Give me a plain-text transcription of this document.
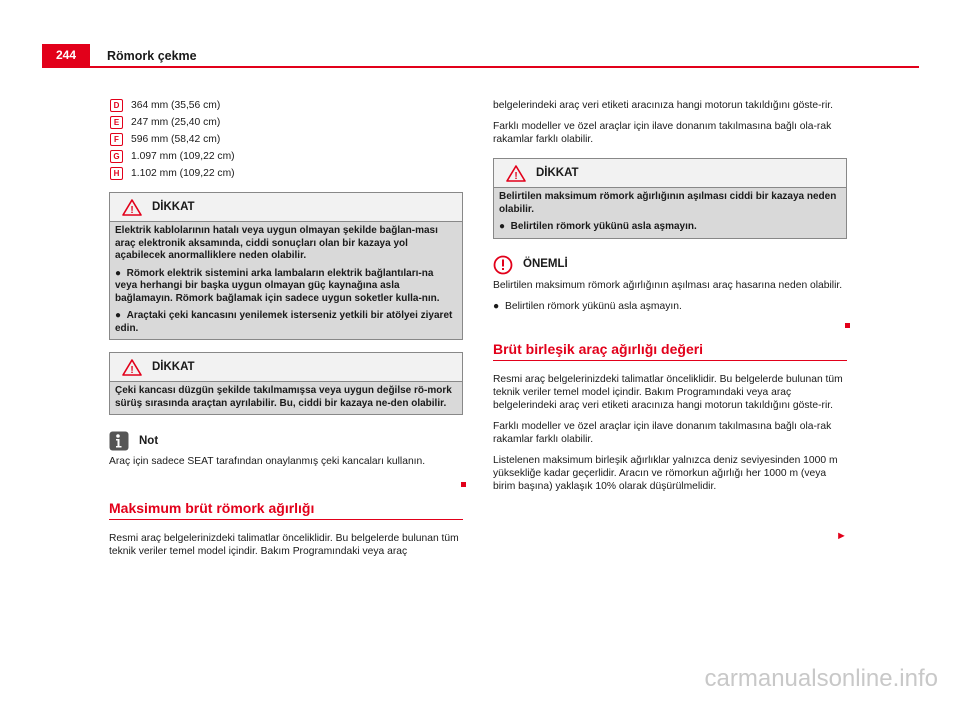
244	Römork çekme
D	364 mm (35,56 cm)
E	247 mm (25,40 cm)
F	596 mm (58,42 cm)
G	1.097 mm (109,22 cm)
H	1.102 mm (109,22 cm)
! DİKKAT

Elektrik kablolarının hatalı veya uygun olmayan şekilde bağlan-ması araç elektronik aksamında, ciddi sonuçları olan bir kazaya yol açabilecek anormalliklere neden olabilir.

● Römork elektrik sistemini arka lambaların elektrik bağlantıları-na veya herhangi bir başka uygun olmayan güç kaynağına asla bağlamayın. Römork bağlamak için sadece uygun soketler kulla-nın.

● Araçtaki çeki kancasını yenilemek isterseniz yetkili bir atölyei ziyaret edin.

! DİKKAT

Çeki kancası düzgün şekilde takılmamışsa veya uygun değilse rö-mork sürüş sırasında araçtan ayrılabilir. Bu, ciddi bir kazaya ne-den olabilir.

Not

Araç için sadece SEAT tarafından onaylanmış çeki kancaları kullanın.

Maksimum brüt römork ağırlığı

Resmi araç belgelerinizdeki talimatlar önceliklidir. Bu belgelerde bulunan tüm teknik veriler temel model içindir. Bakım Programındaki veya araç

belgelerindeki araç veri etiketi aracınıza hangi motorun takıldığını göste-rir.

Farklı modeller ve özel araçlar için ilave donanım takılmasına bağlı ola-rak rakamlar farklı olabilir.

! DİKKAT

Belirtilen maksimum römork ağırlığının aşılması ciddi bir kazaya neden olabilir.

● Belirtilen römork yükünü asla aşmayın.

ÖNEMLİ

Belirtilen maksimum römork ağırlığının aşılması araç hasarına neden olabilir.

● Belirtilen römork yükünü asla aşmayın.

Brüt birleşik araç ağırlığı değeri

Resmi araç belgelerinizdeki talimatlar önceliklidir. Bu belgelerde bulunan tüm teknik veriler temel model içindir. Bakım Programındaki veya araç belgelerindeki araç veri etiketi aracınıza hangi motorun takıldığını göste-rir.

Farklı modeller ve özel araçlar için ilave donanım takılmasına bağlı ola-rak rakamlar farklı olabilir.

Listelenen maksimum birleşik ağırlıklar yalnızca deniz seviyesinden 1000 m yüksekliğe kadar geçerlidir. Aracın ve römorkun ağırlığı her 1000 m (veya birim başına) yaklaşık 10% olarak düşürülmelidir.

►
carmanualsonline.info
